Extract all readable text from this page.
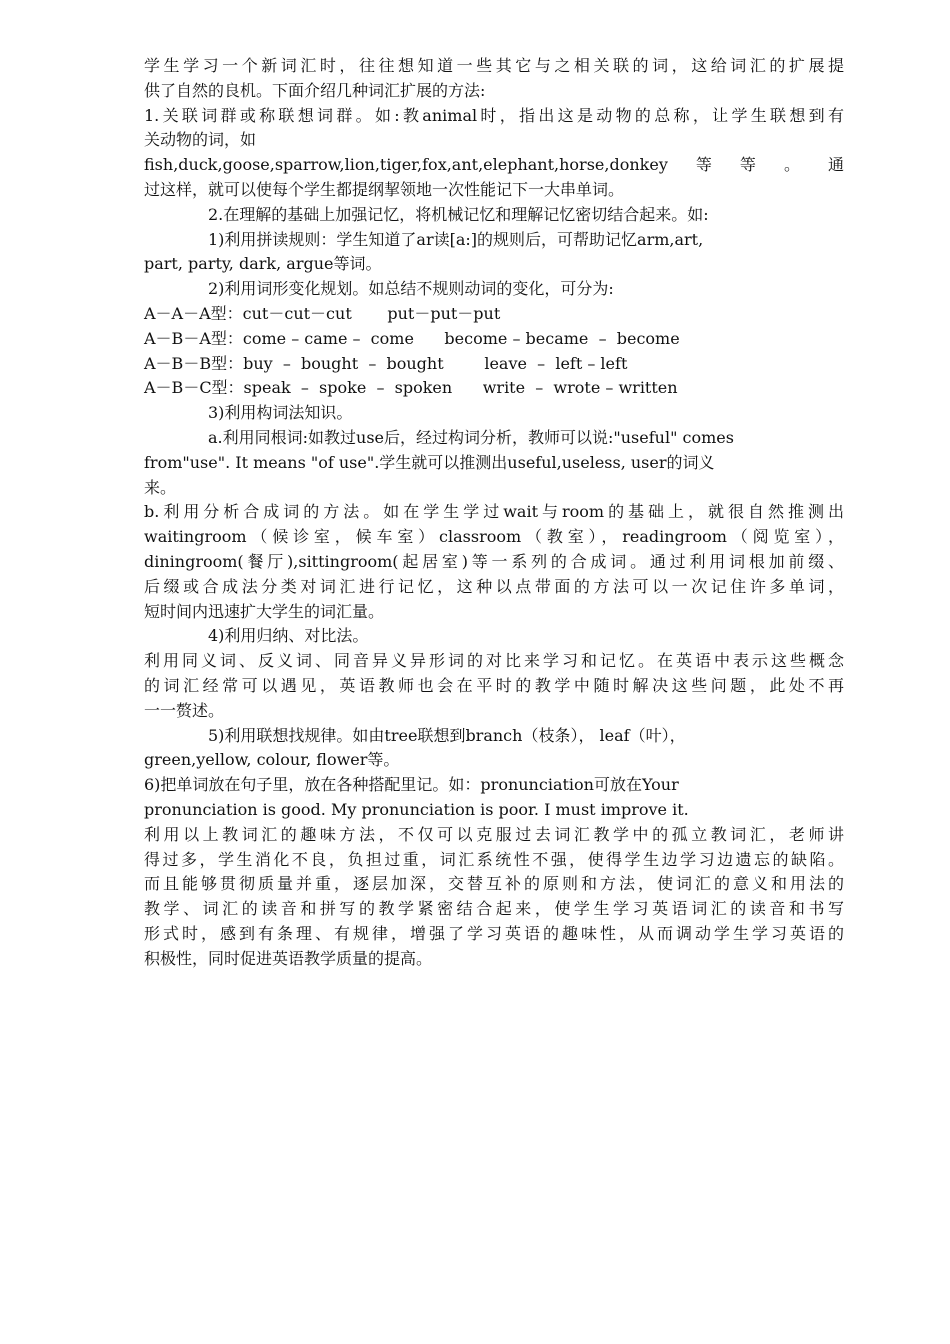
学生学习一个新词汇时，往往想知道一些其它与之相关联的词，这给词汇的扩展提
供了自然的良机。下面介绍几种词汇扩展的方法:
1.关联词群或称联想词群。如:教animal时，指出这是动物的总称，让学生联想到有
关动物的词，如
fish,duck,goose,sparrow,lion,tiger,fox,ant,elephant,horse,donkey等等。通
过这样，就可以使每个学生都提纲挈领地一次性能记下一大串单词。
2.在理解的基础上加强记忆，将机械记忆和理解记忆密切结合起来。如:
1)利用拼读规则：学生知道了ar读[a:]的规则后，可帮助记忆arm,art,
part, party, dark, argue等词。
2)利用词形变化规划。如总结不规则动词的变化，可分为:
A－A－A型：cut－cut－cut       put－put－put
A－B－A型：come – came –  come      become – became  –  become
A－B－B型：buy  –  bought  –  bought        leave  –  left – left
A－B－C型：speak  –  spoke  –  spoken      write  –  wrote – written
3)利用构词法知识。
a.利用同根词:如教过use后，经过构词分析，教师可以说:"useful" comes
from"use". It means "of use".学生就可以推测出useful,useless, user的词义
来。
b.利用分析合成词的方法。如在学生学过wait与room的基础上，就很自然推测出
waitingroom（候诊室，候车室）classroom（教室），readingroom（阅览室），
diningroom(餐厅),sittingroom(起居室)等一系列的合成词。通过利用词根加前缀、
后缀或合成法分类对词汇进行记忆，这种以点带面的方法可以一次记住许多单词，
短时间内迅速扩大学生的词汇量。
4)利用归纳、对比法。
利用同义词、反义词、同音异义异形词的对比来学习和记忆。在英语中表示这些概念
的词汇经常可以遇见，英语教师也会在平时的教学中随时解决这些问题，此处不再
一一赘述。
5)利用联想找规律。如由tree联想到branch（枝条）， leaf（叶），
green,yellow, colour, flower等。
6)把单词放在句子里，放在各种搭配里记。如：pronunciation可放在Your
pronunciation is good. My pronunciation is poor. I must improve it.
利用以上教词汇的趣味方法，不仅可以克服过去词汇教学中的孤立教词汇，老师讲
得过多，学生消化不良，负担过重，词汇系统性不强，使得学生边学习边遗忘的缺陷。
而且能够贯彻质量并重，逐层加深，交替互补的原则和方法，使词汇的意义和用法的
教学、词汇的读音和拼写的教学紧密结合起来，使学生学习英语词汇的读音和书写
形式时，感到有条理、有规律，增强了学习英语的趣味性，从而调动学生学习英语的
积极性，同时促进英语教学质量的提高。
